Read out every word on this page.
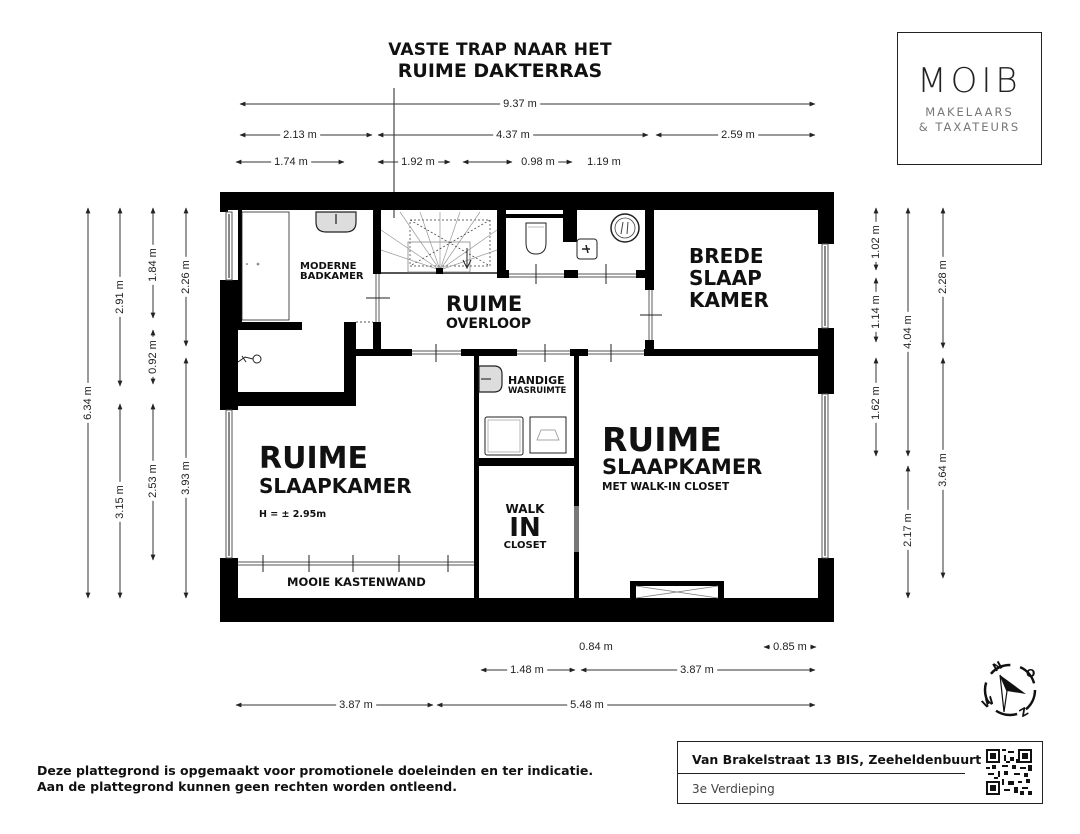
VASTE TRAP NAAR HET
RUIME DAKTERRAS	MOIB
MAKELAARS
& TAXATEURS
N O
Z
W
9.37 m
2.13 m	4.37 m	2.59 m
1.74 m	1.92 m	0.98 m	1.19 m
6.34 m
2.91 m
3.15 m
1.84 m
0.92 m
2.53 m
2.26 m
3.93 m
1.02 m
1.14 m
1.62 m
4.04 m
2.17 m
2.28 m
3.64 m
0.84 m	0.85 m
1.48 m	3.87 m
3.87 m	5.48 m
MODERNE
BADKAMER
RUIME
OVERLOOP
BREDE
SLAAP
KAMER
RUIME
SLAAPKAMER
H = ± 2.95m
MOOIE KASTENWAND
HANDIGE
WASRUIMTE
WALK
IN
CLOSET
RUIME
SLAAPKAMER
MET WALK-IN CLOSET
Deze plattegrond is opgemaakt voor promotionele doeleinden en ter indicatie.
Aan de plattegrond kunnen geen rechten worden ontleend.
Van Brakelstraat 13 BIS, Zeeheldenbuurt
3e Verdieping
